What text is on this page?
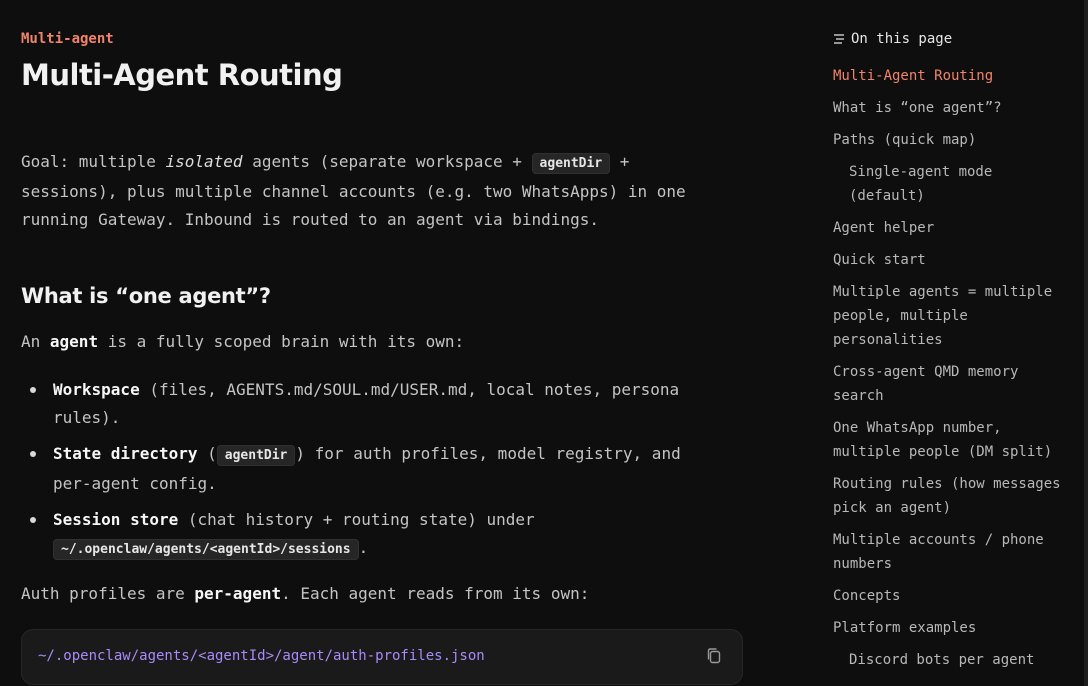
Multi-agent
Multi-Agent Routing

Goal: multiple isolated agents (separate workspace + agentDir + sessions), plus multiple channel accounts (e.g. two WhatsApps) in one running Gateway. Inbound is routed to an agent via bindings.

What is “one agent”?

An agent is a fully scoped brain with its own:

Workspace (files, AGENTS.md/SOUL.md/USER.md, local notes, persona rules).
State directory ( agentDir ) for auth profiles, model registry, and per-agent config.
Session store (chat history + routing state) under ~/.openclaw/agents/<agentId>/sessions .

Auth profiles are per-agent. Each agent reads from its own:

~/.openclaw/agents/<agentId>/agent/auth-profiles.json
On this page
Multi-Agent Routing
What is “one agent”?
Paths (quick map)
Single-agent mode (default)
Agent helper
Quick start
Multiple agents = multiple people, multiple personalities
Cross-agent QMD memory search
One WhatsApp number, multiple people (DM split)
Routing rules (how messages pick an agent)
Multiple accounts / phone numbers
Concepts
Platform examples
Discord bots per agent
